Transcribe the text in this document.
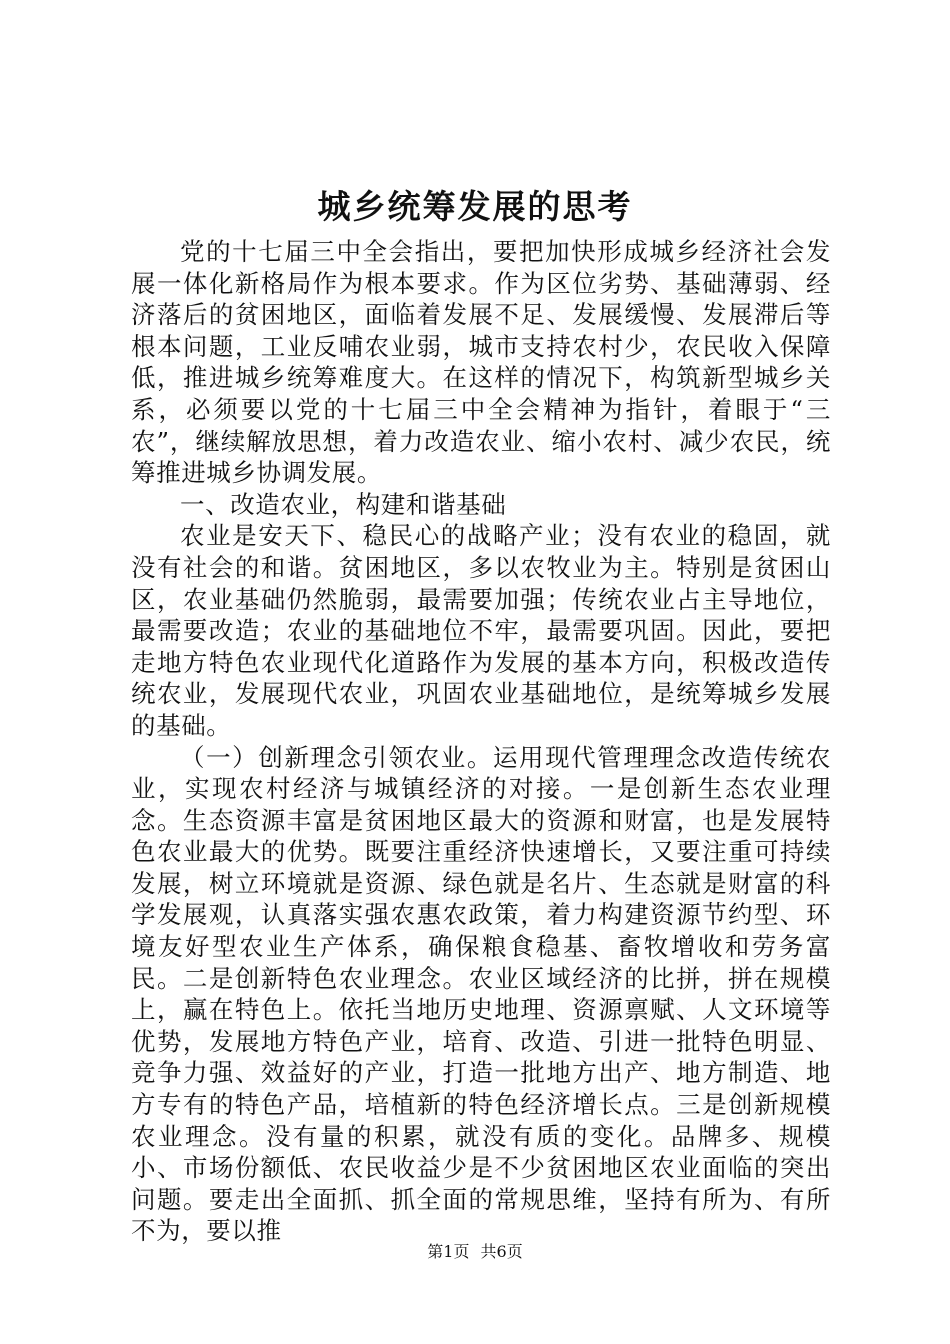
城乡统筹发展的思考

党的十七届三中全会指出，要把加快形成城乡经济社会发展一体化新格局作为根本要求。作为区位劣势、基础薄弱、经济落后的贫困地区，面临着发展不足、发展缓慢、发展滞后等根本问题，工业反哺农业弱，城市支持农村少，农民收入保障低，推进城乡统筹难度大。在这样的情况下，构筑新型城乡关系，必须要以党的十七届三中全会精神为指针，着眼于“三农”，继续解放思想，着力改造农业、缩小农村、减少农民，统筹推进城乡协调发展。

一、改造农业，构建和谐基础

农业是安天下、稳民心的战略产业；没有农业的稳固，就没有社会的和谐。贫困地区，多以农牧业为主。特别是贫困山区，农业基础仍然脆弱，最需要加强；传统农业占主导地位，最需要改造；农业的基础地位不牢，最需要巩固。因此，要把走地方特色农业现代化道路作为发展的基本方向，积极改造传统农业，发展现代农业，巩固农业基础地位，是统筹城乡发展的基础。

（一）创新理念引领农业。运用现代管理理念改造传统农业，实现农村经济与城镇经济的对接。一是创新生态农业理念。生态资源丰富是贫困地区最大的资源和财富，也是发展特色农业最大的优势。既要注重经济快速增长，又要注重可持续发展，树立环境就是资源、绿色就是名片、生态就是财富的科学发展观，认真落实强农惠农政策，着力构建资源节约型、环境友好型农业生产体系，确保粮食稳基、畜牧增收和劳务富民。二是创新特色农业理念。农业区域经济的比拼，拼在规模上，赢在特色上。依托当地历史地理、资源禀赋、人文环境等优势，发展地方特色产业，培育、改造、引进一批特色明显、竞争力强、效益好的产业，打造一批地方出产、地方制造、地方专有的特色产品，培植新的特色经济增长点。三是创新规模农业理念。没有量的积累，就没有质的变化。品牌多、规模小、市场份额低、农民收益少是不少贫困地区农业面临的突出问题。要走出全面抓、抓全面的常规思维，坚持有所为、有所不为，要以推

第1页 共6页
